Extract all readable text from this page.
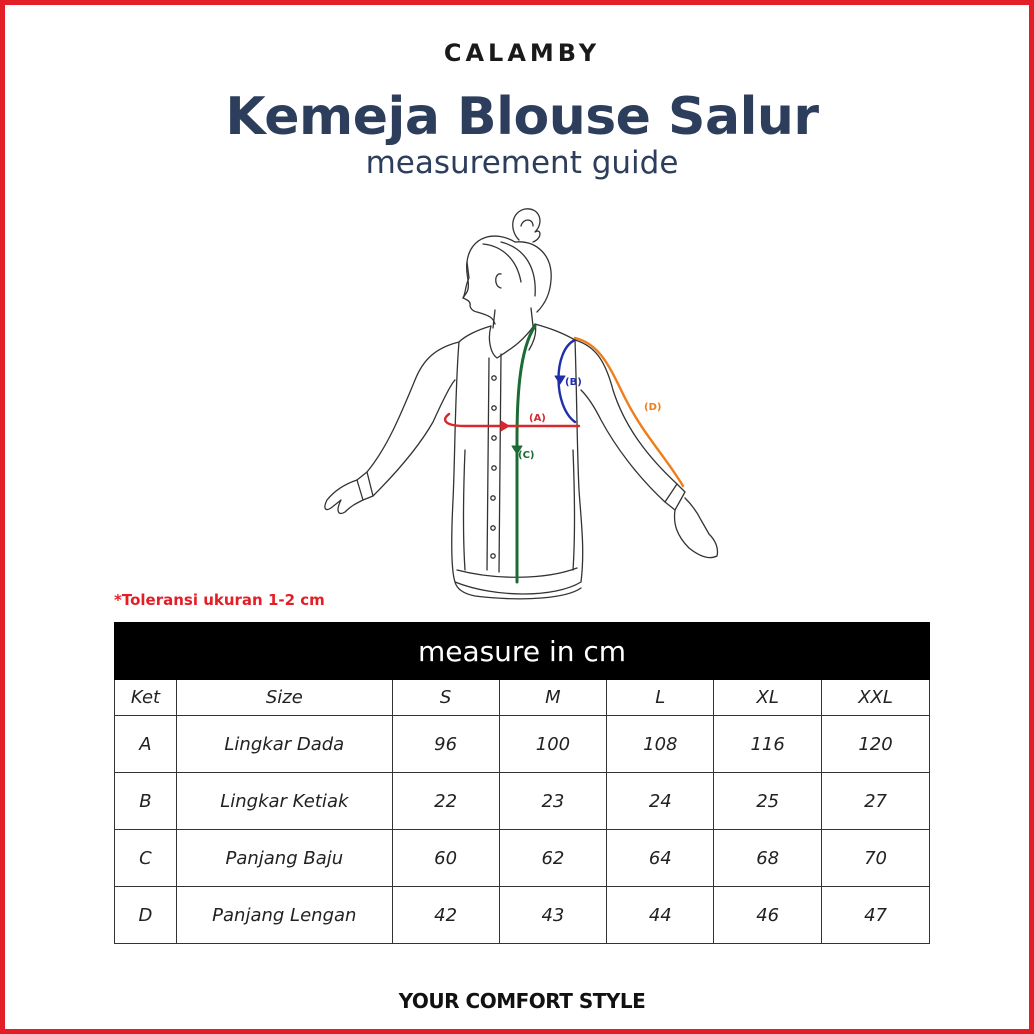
CALAMBY
Kemeja Blouse Salur
measurement guide
(A)
(B)
(C)
(D)
*Toleransi ukuran 1-2 cm
measure in cm						
Ket	Size	S	M	L	XL	XXL
A	Lingkar Dada	96	100	108	116	120
B	Lingkar Ketiak	22	23	24	25	27
C	Panjang Baju	60	62	64	68	70
D	Panjang Lengan	42	43	44	46	47
YOUR COMFORT STYLE
